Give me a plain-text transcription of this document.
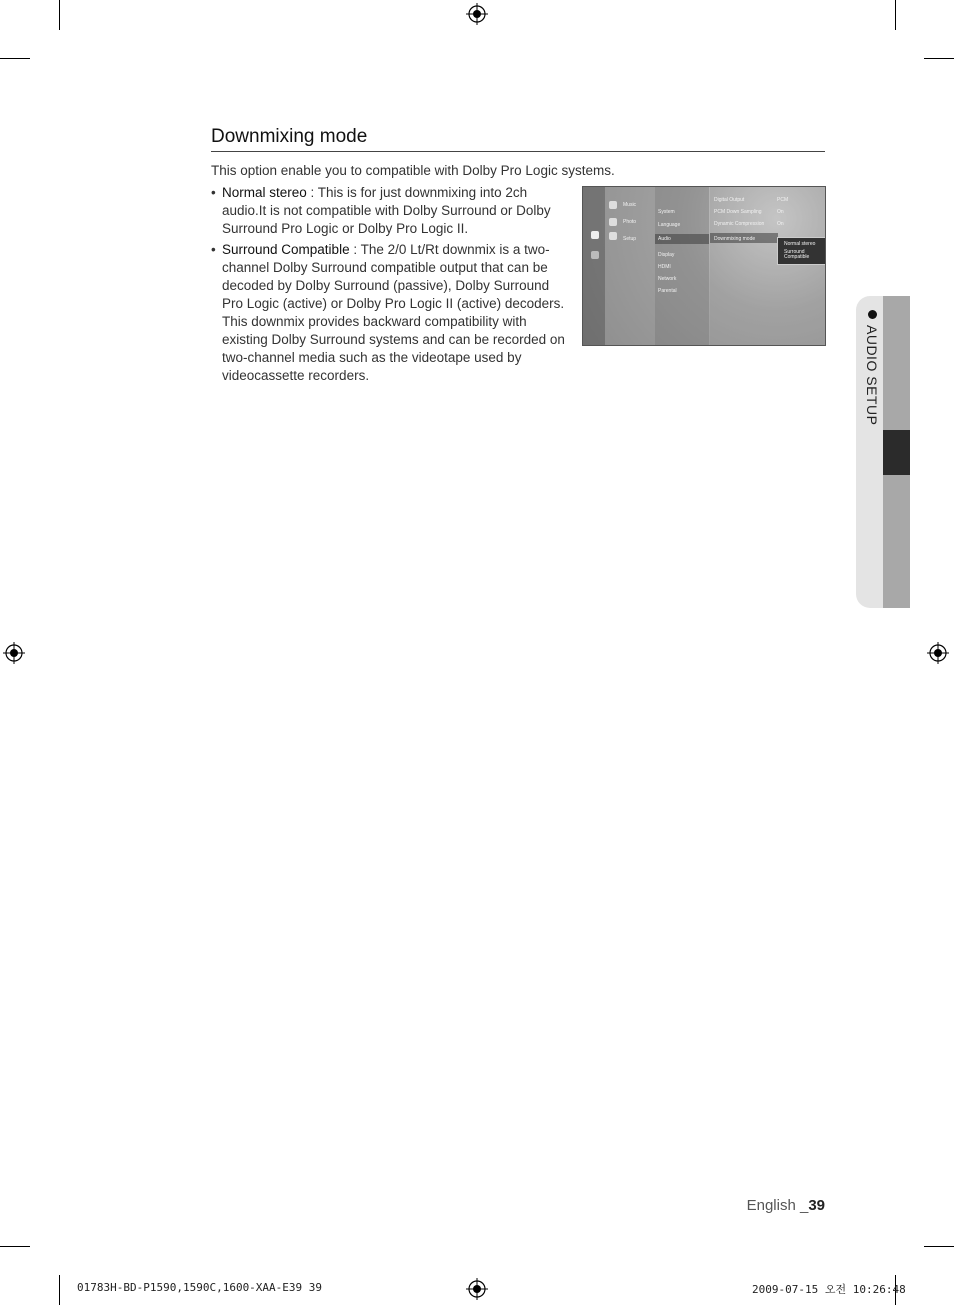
Downmixing mode
This option enable you to compatible with Dolby Pro Logic systems.
• Normal stereo : This is for just downmixing into 2ch audio.It is not compatible with Dolby Surround or Dolby Surround Pro Logic or Dolby Pro Logic II.
• Surround Compatible : The 2/0 Lt/Rt downmix is a two-channel Dolby Surround compatible output that can be decoded by Dolby Surround (passive), Dolby Surround Pro Logic (active) or Dolby Pro Logic II (active) decoders. This downmix provides backward compatibility with existing Dolby Surround systems and can be recorded on two-channel media such as the videotape used by videocassette recorders.
Music
Photo
Setup
System
Language
Audio
Display
HDMI
Network
Parental
Digital Output	PCM
PCM Down Sampling	On
Dynamic Compression	On
Downmixing mode
Normal stereo
Surround Compatible
AUDIO SETUP
English _39
01783H-BD-P1590,1590C,1600-XAA-E39 39	2009-07-15 오전 10:26:48
